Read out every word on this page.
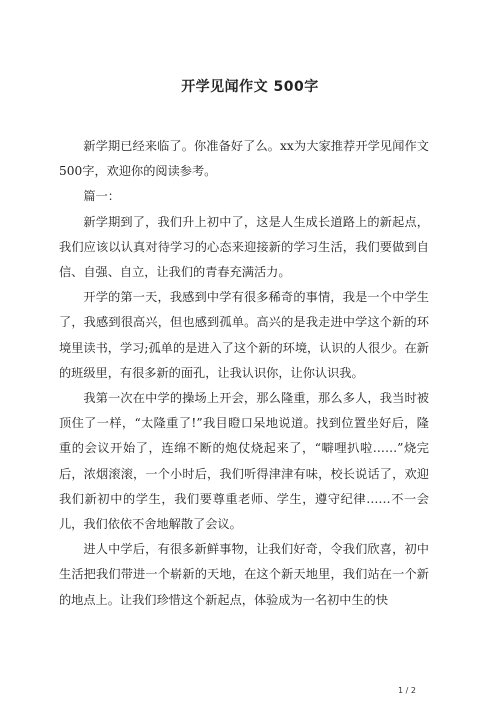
开学见闻作文 500字

新学期已经来临了。你准备好了么。xx为大家推荐开学见闻作文500字，欢迎你的阅读参考。

篇一：

新学期到了，我们升上初中了，这是人生成长道路上的新起点，我们应该以认真对待学习的心态来迎接新的学习生活，我们要做到自信、自强、自立，让我们的青春充满活力。

开学的第一天，我感到中学有很多稀奇的事情，我是一个中学生了，我感到很高兴，但也感到孤单。高兴的是我走进中学这个新的环境里读书，学习;孤单的是进入了这个新的环境，认识的人很少。在新的班级里，有很多新的面孔，让我认识你，让你认识我。

我第一次在中学的操场上开会，那么隆重，那么多人，我当时被顶住了一样，“太隆重了!”我目瞪口呆地说道。找到位置坐好后，隆重的会议开始了，连绵不断的炮仗烧起来了，“噼哩扒啦……”烧完后，浓烟滚滚，一个小时后，我们听得津津有味，校长说话了，欢迎我们新初中的学生，我们要尊重老师、学生，遵守纪律……不一会儿，我们依依不舍地解散了会议。

进人中学后，有很多新鲜事物，让我们好奇，令我们欣喜，初中生活把我们带进一个崭新的天地，在这个新天地里，我们站在一个新的地点上。让我们珍惜这个新起点，体验成为一名初中生的快

1 / 2
